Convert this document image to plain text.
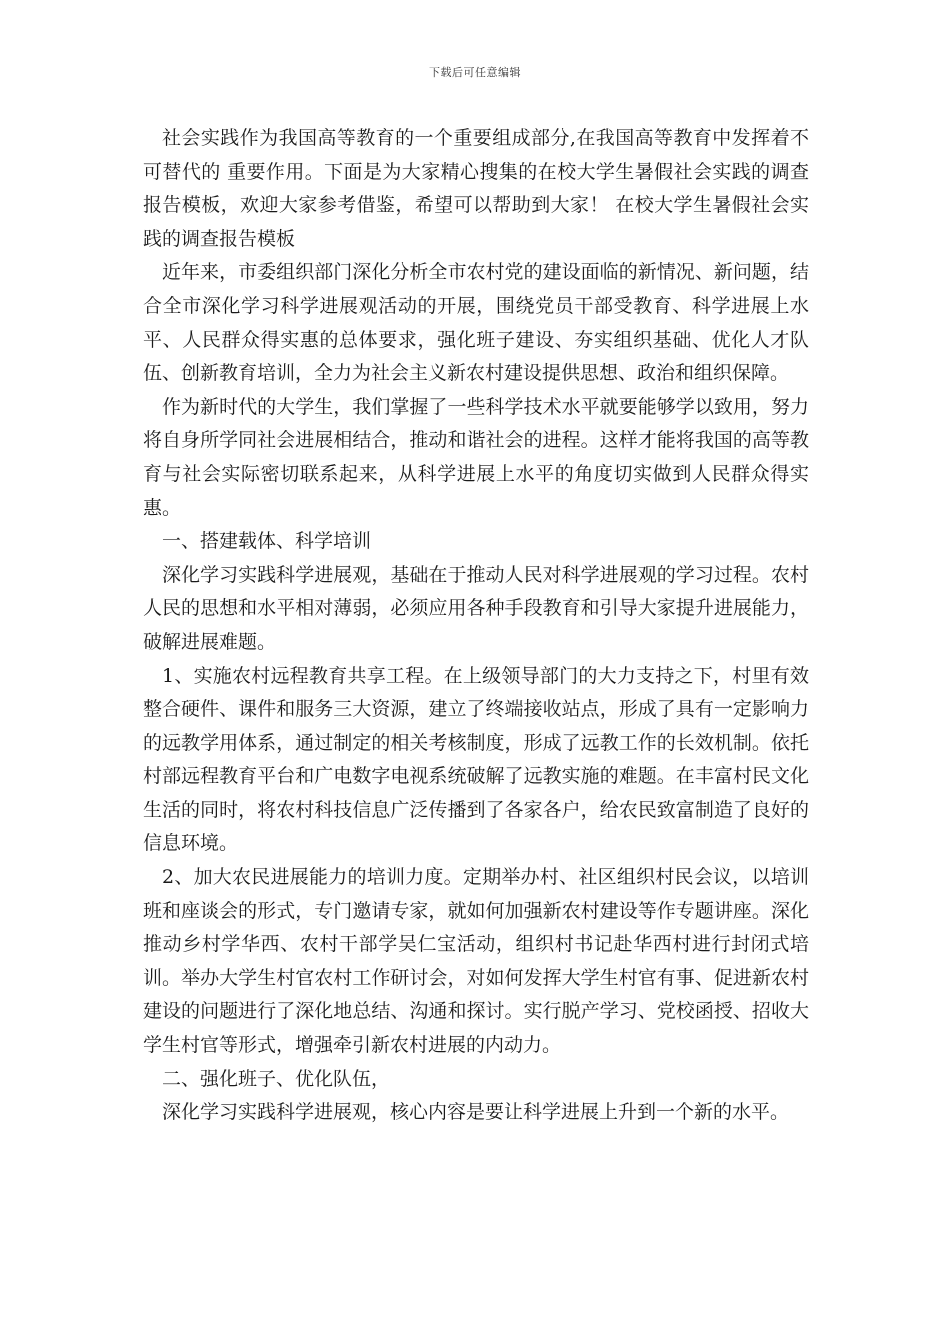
下载后可任意编辑

社会实践作为我国高等教育的一个重要组成部分,在我国高等教育中发挥着不可替代的 重要作用。下面是为大家精心搜集的在校大学生暑假社会实践的调查报告模板，欢迎大家参考借鉴，希望可以帮助到大家！ 在校大学生暑假社会实践的调查报告模板

近年来，市委组织部门深化分析全市农村党的建设面临的新情况、新问题，结合全市深化学习科学进展观活动的开展，围绕党员干部受教育、科学进展上水平、人民群众得实惠的总体要求，强化班子建设、夯实组织基础、优化人才队伍、创新教育培训，全力为社会主义新农村建设提供思想、政治和组织保障。

作为新时代的大学生，我们掌握了一些科学技术水平就要能够学以致用，努力将自身所学同社会进展相结合，推动和谐社会的进程。这样才能将我国的高等教育与社会实际密切联系起来，从科学进展上水平的角度切实做到人民群众得实惠。

一、搭建载体、科学培训

深化学习实践科学进展观，基础在于推动人民对科学进展观的学习过程。农村人民的思想和水平相对薄弱，必须应用各种手段教育和引导大家提升进展能力，破解进展难题。

1、实施农村远程教育共享工程。在上级领导部门的大力支持之下，村里有效整合硬件、课件和服务三大资源，建立了终端接收站点，形成了具有一定影响力的远教学用体系，通过制定的相关考核制度，形成了远教工作的长效机制。依托村部远程教育平台和广电数字电视系统破解了远教实施的难题。在丰富村民文化生活的同时，将农村科技信息广泛传播到了各家各户，给农民致富制造了良好的信息环境。

2、加大农民进展能力的培训力度。定期举办村、社区组织村民会议，以培训班和座谈会的形式，专门邀请专家，就如何加强新农村建设等作专题讲座。深化推动乡村学华西、农村干部学吴仁宝活动，组织村书记赴华西村进行封闭式培训。举办大学生村官农村工作研讨会，对如何发挥大学生村官有事、促进新农村建设的问题进行了深化地总结、沟通和探讨。实行脱产学习、党校函授、招收大学生村官等形式，增强牵引新农村进展的内动力。

二、强化班子、优化队伍，

深化学习实践科学进展观，核心内容是要让科学进展上升到一个新的水平。
